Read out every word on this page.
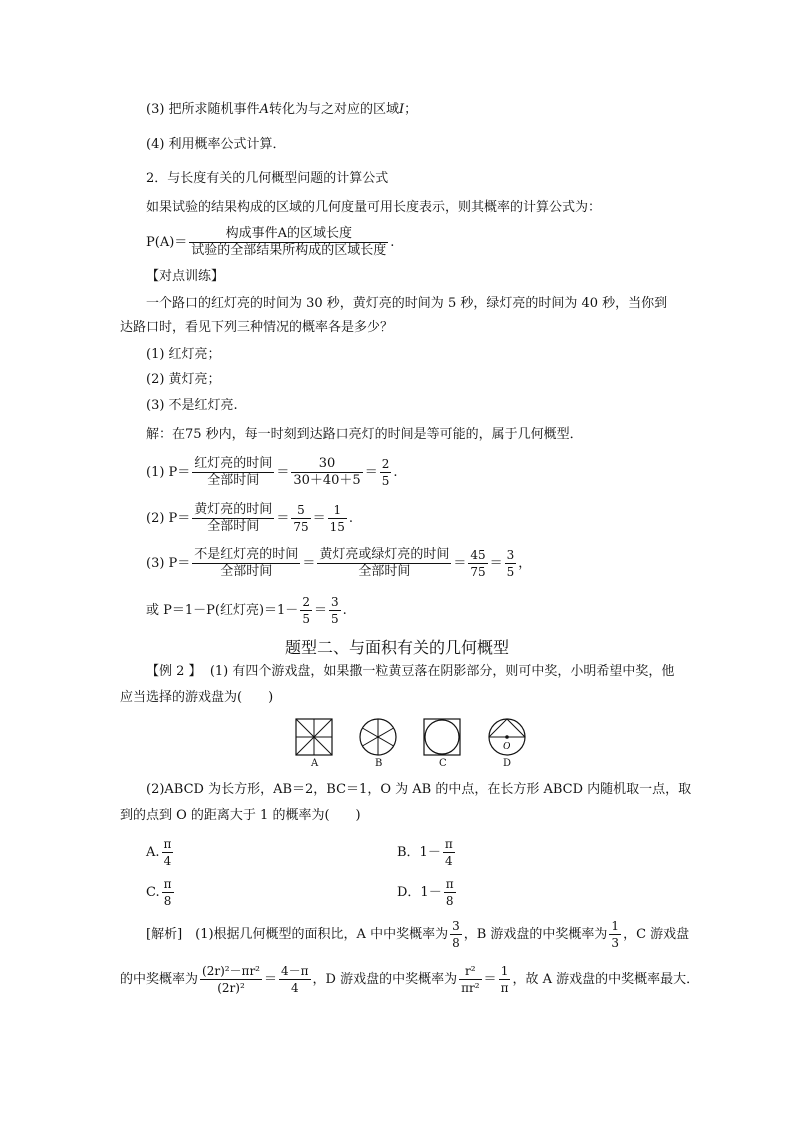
(3) 把所求随机事件A转化为与之对应的区域I；
(4) 利用概率公式计算．
2．与长度有关的几何概型问题的计算公式
如果试验的结果构成的区域的几何度量可用长度表示，则其概率的计算公式为：
$P(A)= \frac{\text{构成事件A的区域长度}}{\text{试验的全部结果所构成的区域长度}}$ .
【对点训练】
一个路口的红灯亮的时间为 30 秒，黄灯亮的时间为 5 秒，绿灯亮的时间为 40 秒，当你到
达路口时，看见下列三种情况的概率各是多少？
(1) 红灯亮；
(2) 黄灯亮；
(3) 不是红灯亮.
解：在75 秒内，每一时刻到达路口亮灯的时间是等可能的，属于几何概型．
(1) $P= \frac{\text{红灯亮的时间}}{\text{全部时间}} = \frac{30}{30+40+5} = \frac{2}{5}$ .
(2) $P= \frac{\text{黄灯亮的时间}}{\text{全部时间}} = \frac{5}{75} = \frac{1}{15}$ .
(3) $P= \frac{\text{不是红灯亮的时间}}{\text{全部时间}} = \frac{\text{黄灯亮或绿灯亮的时间}}{\text{全部时间}} = \frac{45}{75} = \frac{3}{5}$ ，
或 P＝1－P(红灯亮)$=1- \frac{2}{5} = \frac{3}{5}$ .
题型二、与面积有关的几何概型
【例 2 】 (1) 有四个游戏盘，如果撒一粒黄豆落在阴影部分，则可中奖，小明希望中奖，他
应当选择的游戏盘为(　　)
O
A	B	C	D
(2)ABCD 为长方形，AB＝2，BC＝1，O 为 AB 的中点，在长方形 ABCD 内随机取一点，取
到的点到 O 的距离大于 1 的概率为(　　)
A. $\frac{\pi}{4}$	B．$1- \frac{\pi}{4}$
C. $\frac{\pi}{8}$	D．$1- \frac{\pi}{8}$
[解析]　(1)根据几何概型的面积比，A 中中奖概率为 $\frac{3}{8}$ ，B 游戏盘的中奖概率为 $\frac{1}{3}$ ，C 游戏盘
的中奖概率为 $\frac{\text{(2r)²－πr²}}{\text{(2r)²}} = \frac{4-\pi}{4}$ ，D 游戏盘的中奖概率为 $\frac{\text{r²}}{\text{πr²}} = \frac{1}{\pi}$ ，故 A 游戏盘的中奖概率最大．
